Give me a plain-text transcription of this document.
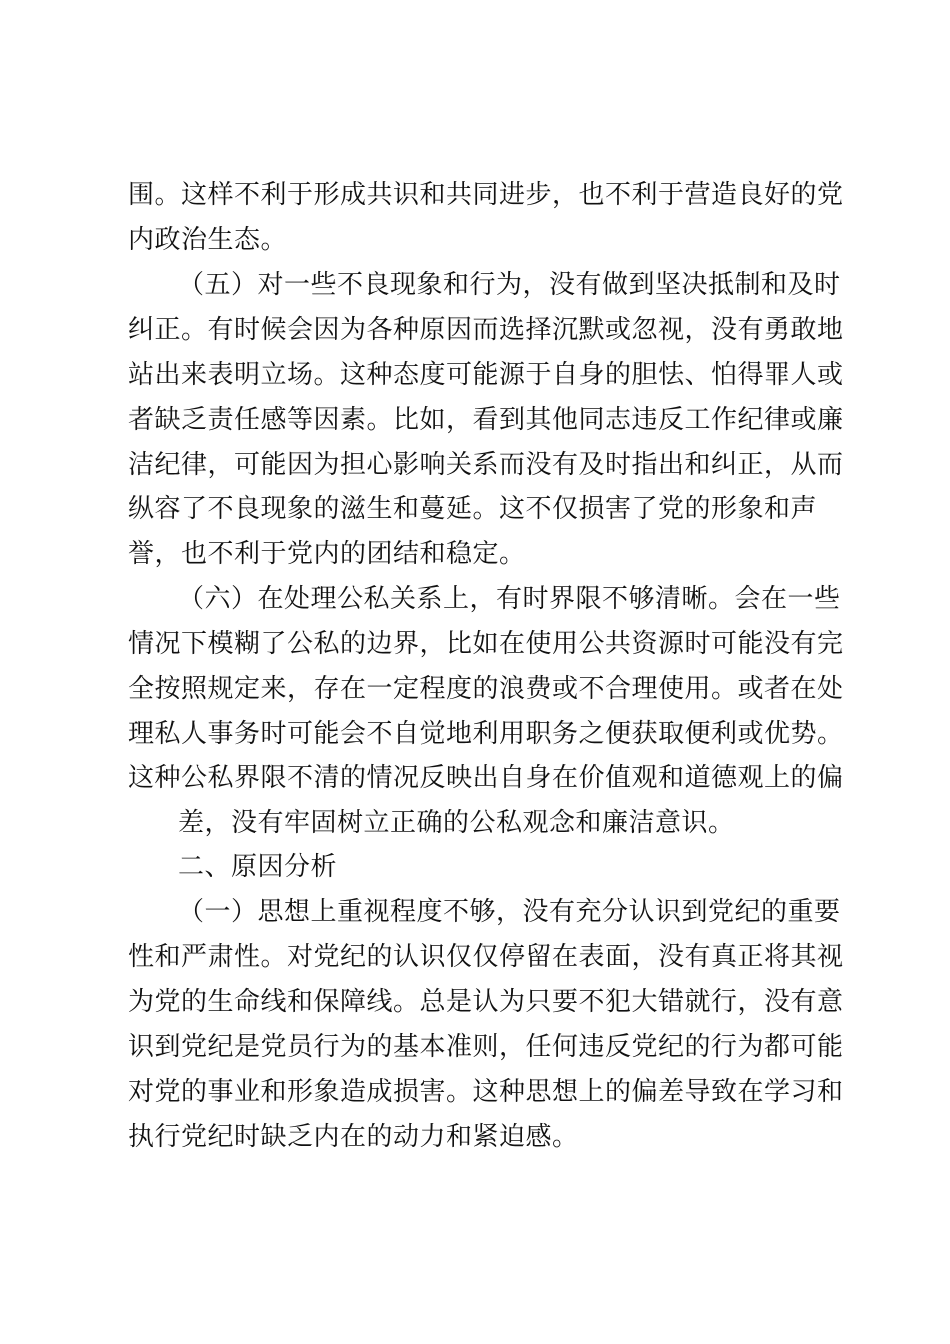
围。这样不利于形成共识和共同进步，也不利于营造良好的党

内政治生态。

（五）对一些不良现象和行为，没有做到坚决抵制和及时

纠正。有时候会因为各种原因而选择沉默或忽视，没有勇敢地

站出来表明立场。这种态度可能源于自身的胆怯、怕得罪人或

者缺乏责任感等因素。比如，看到其他同志违反工作纪律或廉

洁纪律，可能因为担心影响关系而没有及时指出和纠正，从而

纵容了不良现象的滋生和蔓延。这不仅损害了党的形象和声

誉，也不利于党内的团结和稳定。

（六）在处理公私关系上，有时界限不够清晰。会在一些

情况下模糊了公私的边界，比如在使用公共资源时可能没有完

全按照规定来，存在一定程度的浪费或不合理使用。或者在处

理私人事务时可能会不自觉地利用职务之便获取便利或优势。

这种公私界限不清的情况反映出自身在价值观和道德观上的偏

差，没有牢固树立正确的公私观念和廉洁意识。

二、原因分析

（一）思想上重视程度不够，没有充分认识到党纪的重要

性和严肃性。对党纪的认识仅仅停留在表面，没有真正将其视

为党的生命线和保障线。总是认为只要不犯大错就行，没有意

识到党纪是党员行为的基本准则，任何违反党纪的行为都可能

对党的事业和形象造成损害。这种思想上的偏差导致在学习和

执行党纪时缺乏内在的动力和紧迫感。
